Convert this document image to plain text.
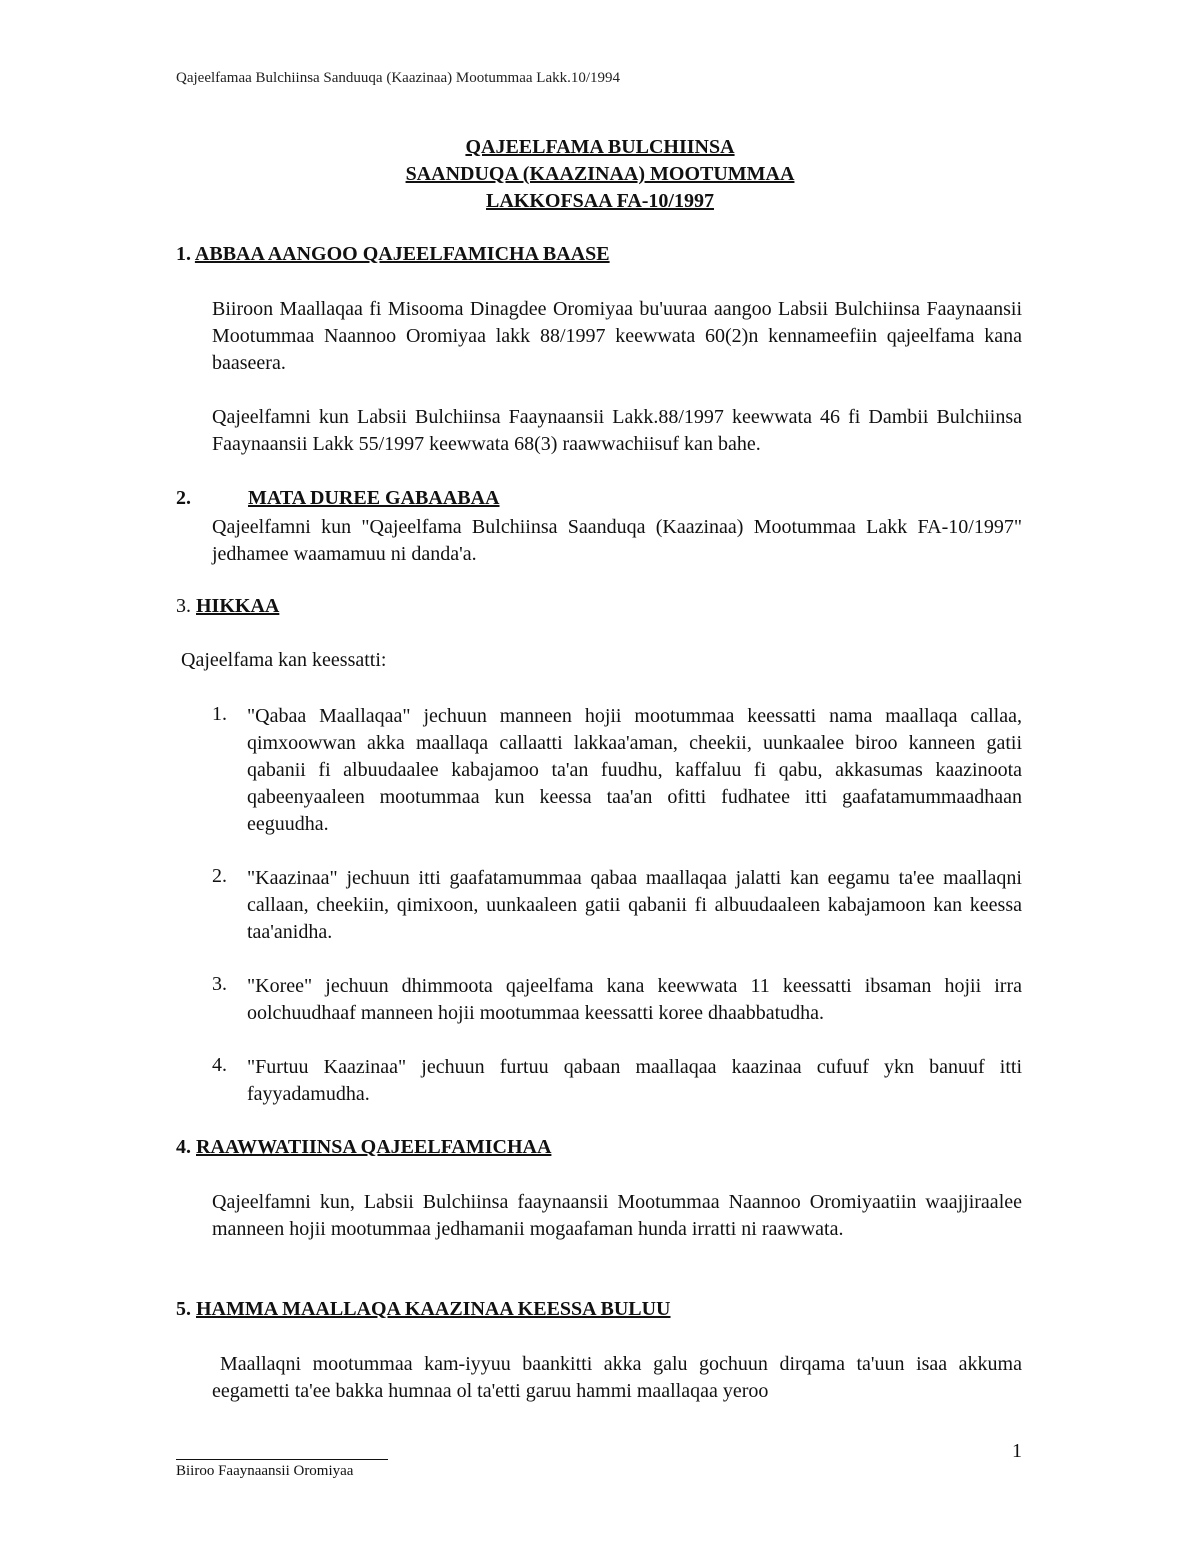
Qajeelfamaa Bulchiinsa Sanduuqa (Kaazinaa) Mootummaa Lakk.10/1994
QAJEELFAMA BULCHIINSA
SAANDUQA (KAAZINAA) MOOTUMMAA
LAKKOFSAA FA-10/1997
1. ABBAA AANGOO QAJEELFAMICHA BAASE
Biiroon Maallaqaa fi Misooma Dinagdee Oromiyaa bu'uuraa aangoo Labsii Bulchiinsa Faaynaansii Mootummaa Naannoo Oromiyaa lakk 88/1997 keewwata 60(2)n kennameefiin qajeelfama kana baaseera.
Qajeelfamni kun Labsii Bulchiinsa Faaynaansii Lakk.88/1997 keewwata 46 fi Dambii Bulchiinsa Faaynaansii Lakk 55/1997 keewwata 68(3) raawwachiisuf kan bahe.
2.	MATA DUREE GABAABAA
Qajeelfamni kun "Qajeelfama Bulchiinsa Saanduqa (Kaazinaa) Mootummaa Lakk FA-10/1997" jedhamee waamamuu ni danda'a.
3. HIKKAA
Qajeelfama kan keessatti:
1. "Qabaa Maallaqaa" jechuun manneen hojii mootummaa keessatti nama maallaqa callaa, qimxoowwan akka maallaqa callaatti lakkaa'aman, cheekii, uunkaalee biroo kanneen gatii qabanii fi albuudaalee kabajamoo ta'an fuudhu, kaffaluu fi qabu, akkasumas kaazinoota qabeenyaaleen mootummaa kun keessa taa'an ofitti fudhatee itti gaafatamummaadhaan eeguudha.
2. "Kaazinaa" jechuun itti gaafatamummaa qabaa maallaqaa jalatti kan eegamu ta'ee maallaqni callaan, cheekiin, qimixoon, uunkaaleen gatii qabanii fi albuudaaleen kabajamoon kan keessa taa'anidha.
3. "Koree" jechuun dhimmoota qajeelfama kana keewwata 11 keessatti ibsaman hojii irra oolchuudhaaf manneen hojii mootummaa keessatti koree dhaabbatudha.
4. "Furtuu Kaazinaa" jechuun furtuu qabaan maallaqaa kaazinaa cufuuf ykn banuuf itti fayyadamudha.
4. RAAWWATIINSA QAJEELFAMICHAA
Qajeelfamni kun, Labsii Bulchiinsa faaynaansii Mootummaa Naannoo Oromiyaatiin waajjiraalee manneen hojii mootummaa jedhamanii mogaafaman hunda irratti ni raawwata.
5. HAMMA MAALLAQA KAAZINAA KEESSA BULUU
Maallaqni mootummaa kam-iyyuu baankitti akka galu gochuun dirqama ta'uun isaa akkuma eegametti ta'ee bakka humnaa ol ta'etti garuu hammi maallaqaa yeroo
1
Biiroo Faaynaansii Oromiyaa
